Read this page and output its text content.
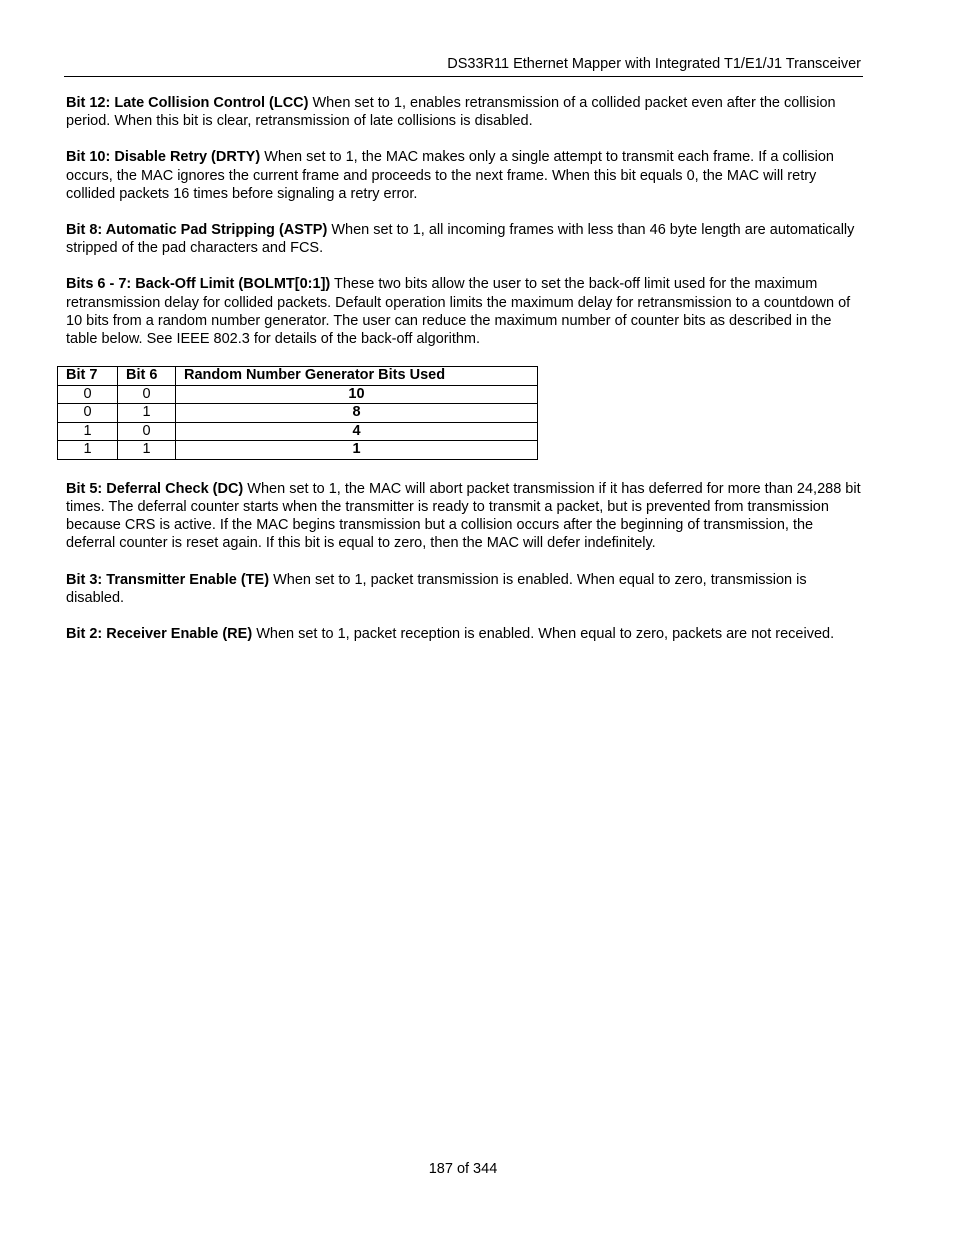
DS33R11 Ethernet Mapper with Integrated T1/E1/J1 Transceiver

Bit 12: Late Collision Control (LCC) When set to 1, enables retransmission of a collided packet even after the collision period. When this bit is clear, retransmission of late collisions is disabled.

Bit 10: Disable Retry (DRTY) When set to 1, the MAC makes only a single attempt to transmit each frame. If a collision occurs, the MAC ignores the current frame and proceeds to the next frame. When this bit equals 0, the MAC will retry collided packets 16 times before signaling a retry error.

Bit 8: Automatic Pad Stripping (ASTP) When set to 1, all incoming frames with less than 46 byte length are automatically stripped of the pad characters and FCS.

Bits 6 - 7: Back-Off Limit (BOLMT[0:1]) These two bits allow the user to set the back-off limit used for the maximum retransmission delay for collided packets. Default operation limits the maximum delay for retransmission to a countdown of 10 bits from a random number generator. The user can reduce the maximum number of counter bits as described in the table below. See IEEE 802.3 for details of the back-off algorithm.

Bit 7	Bit 6	Random Number Generator Bits Used
0	0	10
0	1	8
1	0	4
1	1	1

Bit 5: Deferral Check (DC) When set to 1, the MAC will abort packet transmission if it has deferred for more than 24,288 bit times. The deferral counter starts when the transmitter is ready to transmit a packet, but is prevented from transmission because CRS is active. If the MAC begins transmission but a collision occurs after the beginning of transmission, the deferral counter is reset again. If this bit is equal to zero, then the MAC will defer indefinitely.

Bit 3: Transmitter Enable (TE) When set to 1, packet transmission is enabled. When equal to zero, transmission is disabled.

Bit 2: Receiver Enable (RE) When set to 1, packet reception is enabled. When equal to zero, packets are not received.

187 of 344
